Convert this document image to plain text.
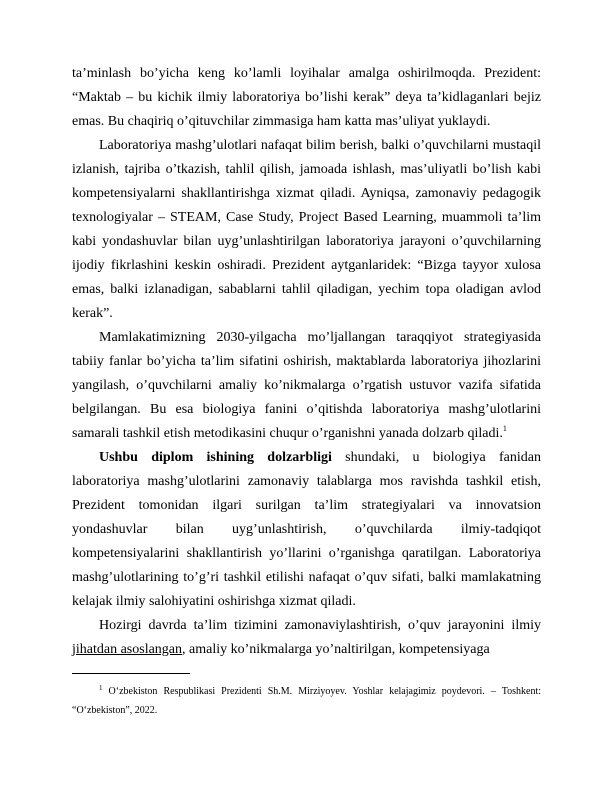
ta’minlash bo’yicha keng ko’lamli loyihalar amalga oshirilmoqda. Prezident: “Maktab – bu kichik ilmiy laboratoriya bo’lishi kerak” deya ta’kidlaganlari bejiz emas. Bu chaqiriq o’qituvchilar zimmasiga ham katta mas’uliyat yuklaydi.

Laboratoriya mashg’ulotlari nafaqat bilim berish, balki o’quvchilarni mustaqil izlanish, tajriba o’tkazish, tahlil qilish, jamoada ishlash, mas’uliyatli bo’lish kabi kompetensiyalarni shakllantirishga xizmat qiladi. Ayniqsa, zamonaviy pedagogik texnologiyalar – STEAM, Case Study, Project Based Learning, muammoli ta’lim kabi yondashuvlar bilan uyg’unlashtirilgan laboratoriya jarayoni o’quvchilarning ijodiy fikrlashini keskin oshiradi. Prezident aytganlaridek: “Bizga tayyor xulosa emas, balki izlanadigan, sabablarni tahlil qiladigan, yechim topa oladigan avlod kerak”.

Mamlakatimizning 2030-yilgacha mo’ljallangan taraqqiyot strategiyasida tabiiy fanlar bo’yicha ta’lim sifatini oshirish, maktablarda laboratoriya jihozlarini yangilash, o’quvchilarni amaliy ko’nikmalarga o’rgatish ustuvor vazifa sifatida belgilangan. Bu esa biologiya fanini o’qitishda laboratoriya mashg’ulotlarini samarali tashkil etish metodikasini chuqur o’rganishni yanada dolzarb qiladi.$^1$

Ushbu diplom ishining dolzarbligi shundaki, u biologiya fanidan laboratoriya mashg’ulotlarini zamonaviy talablarga mos ravishda tashkil etish, Prezident tomonidan ilgari surilgan ta’lim strategiyalari va innovatsion yondashuvlar bilan uyg’unlashtirish, o’quvchilarda ilmiy-tadqiqot kompetensiyalarini shakllantirish yo’llarini o’rganishga qaratilgan. Laboratoriya mashg’ulotlarining to’g’ri tashkil etilishi nafaqat o’quv sifati, balki mamlakatning kelajak ilmiy salohiyatini oshirishga xizmat qiladi.

Hozirgi davrda ta’lim tizimini zamonaviylashtirish, o’quv jarayonini ilmiy jihatdan asoslangan, amaliy ko’nikmalarga yo’naltirilgan, kompetensiyaga

$^1$ O‘zbekiston Respublikasi Prezidenti Sh.M. Mirziyoyev. Yoshlar kelajagimiz poydevori. – Toshkent: “O‘zbekiston”, 2022.
